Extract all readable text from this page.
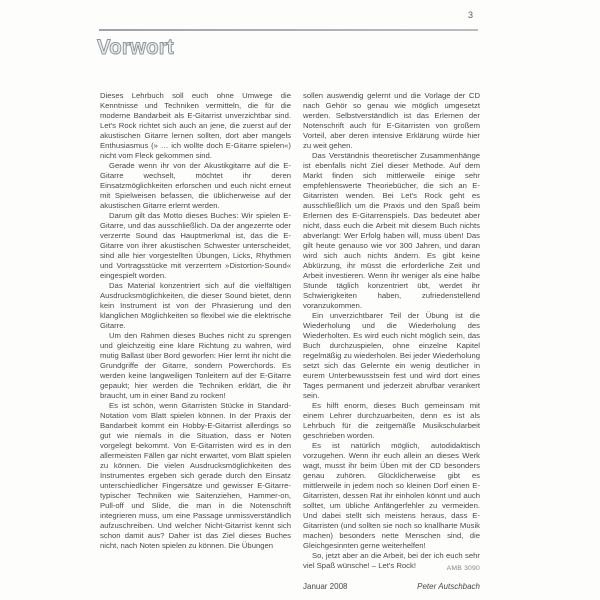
3
Vorwort

Dieses Lehrbuch soll euch ohne Umwege die Kenntnisse und Techniken vermitteln, die für die moderne Bandarbeit als E-Gitarrist unverzichtbar sind. Let's Rock richtet sich auch an jene, die zuerst auf der akustischen Gitarre lernen sollten, dort aber mangels Enthusiasmus (» … ich wollte doch E-Gitarre spielen«) nicht vom Fleck gekommen sind.

Gerade wenn ihr von der Akustikgitarre auf die E-Gitarre wechselt, möchtet ihr deren Einsatzmöglichkeiten erforschen und euch nicht erneut mit Spielweisen befassen, die üblicherweise auf der akustischen Gitarre erlernt werden.

Darum gilt das Motto dieses Buches: Wir spielen E-Gitarre, und das ausschließlich. Da der angezerrte oder verzerrte Sound das Hauptmerkmal ist, das die E-Gitarre von ihrer akustischen Schwester unterscheidet, sind alle hier vorgestellten Übungen, Licks, Rhythmen und Vortragsstücke mit verzerrtem »Distortion-Sound« eingespielt worden.

Das Material konzentriert sich auf die vielfältigen Ausdrucksmöglichkeiten, die dieser Sound bietet, denn kein Instrument ist von der Phrasierung und den klanglichen Möglichkeiten so flexibel wie die elektrische Gitarre.

Um den Rahmen dieses Buches nicht zu sprengen und gleichzeitig eine klare Richtung zu wahren, wird mutig Ballast über Bord geworfen: Hier lernt ihr nicht die Grundgriffe der Gitarre, sondern Powerchords. Es werden keine langweiligen Tonleitern auf der E-Gitarre gepaukt; hier werden die Techniken erklärt, die ihr braucht, um in einer Band zu rocken!

Es ist schön, wenn Gitarristen Stücke in Standard-Notation vom Blatt spielen können. In der Praxis der Bandarbeit kommt ein Hobby-E-Gitarrist allerdings so gut wie niemals in die Situation, dass er Noten vorgelegt bekommt. Von E-Gitarristen wird es in den allermeisten Fällen gar nicht erwartet, vom Blatt spielen zu können. Die vielen Ausdrucksmöglichkeiten des Instrumentes ergeben sich gerade durch den Einsatz unterschiedlicher Fingersätze und gewisser E-Gitarre-typischer Techniken wie Saitenziehen, Hammer-on, Pull-off und Slide, die man in die Notenschrift integrieren muss, um eine Passage unmissverständlich aufzuschreiben. Und welcher Nicht-Gitarrist kennt sich schon damit aus? Daher ist das Ziel dieses Buches nicht, nach Noten spielen zu können. Die Übungen

sollen auswendig gelernt und die Vorlage der CD nach Gehör so genau wie möglich umgesetzt werden. Selbstverständlich ist das Erlernen der Notenschrift auch für E-Gitarristen von großem Vorteil, aber deren intensive Erklärung würde hier zu weit gehen.

Das Verständnis theoretischer Zusammenhänge ist ebenfalls nicht Ziel dieser Methode. Auf dem Markt finden sich mittlerweile einige sehr empfehlenswerte Theoriebücher, die sich an E-Gitarristen wenden. Bei Let's Rock geht es ausschließlich um die Praxis und den Spaß beim Erlernen des E-Gitarrenspiels. Das bedeutet aber nicht, dass euch die Arbeit mit diesem Buch nichts abverlangt: Wer Erfolg haben will, muss üben! Das gilt heute genauso wie vor 300 Jahren, und daran wird sich auch nichts ändern. Es gibt keine Abkürzung, ihr müsst die erforderliche Zeit und Arbeit investieren. Wenn ihr weniger als eine halbe Stunde täglich konzentriert übt, werdet ihr Schwierigkeiten haben, zufriedenstellend voranzukommen.

Ein unverzichtbarer Teil der Übung ist die Wiederholung und die Wiederholung des Wiederholten. Es wird euch nicht möglich sein, das Buch durchzuspielen, ohne einzelne Kapitel regelmäßig zu wiederholen. Bei jeder Wiederholung setzt sich das Gelernte ein wenig deutlicher in eurem Unterbewusstsein fest und wird dort eines Tages permanent und jederzeit abrufbar verankert sein.

Es hilft enorm, dieses Buch gemeinsam mit einem Lehrer durchzuarbeiten, denn es ist als Lehrbuch für die zeitgemäße Musikschularbeit geschrieben worden.

Es ist natürlich möglich, autodidaktisch vorzugehen. Wenn ihr euch allein an dieses Werk wagt, musst ihr beim Üben mit der CD besonders genau zuhören. Glücklicherweise gibt es mittlerweile in jedem noch so kleinen Dorf einen E-Gitarristen, dessen Rat ihr einholen könnt und auch solltet, um übliche Anfängerfehler zu vermeiden. Und dabei stellt sich meistens heraus, dass E-Gitarristen (und sollten sie noch so knallharte Musik machen) besonders nette Menschen sind, die Gleichgesinnten gerne weiterhelfen!

So, jetzt aber an die Arbeit, bei der ich euch sehr viel Spaß wünsche! – Let's Rock!

Januar 2008	Peter Autschbach
AMB 3090
